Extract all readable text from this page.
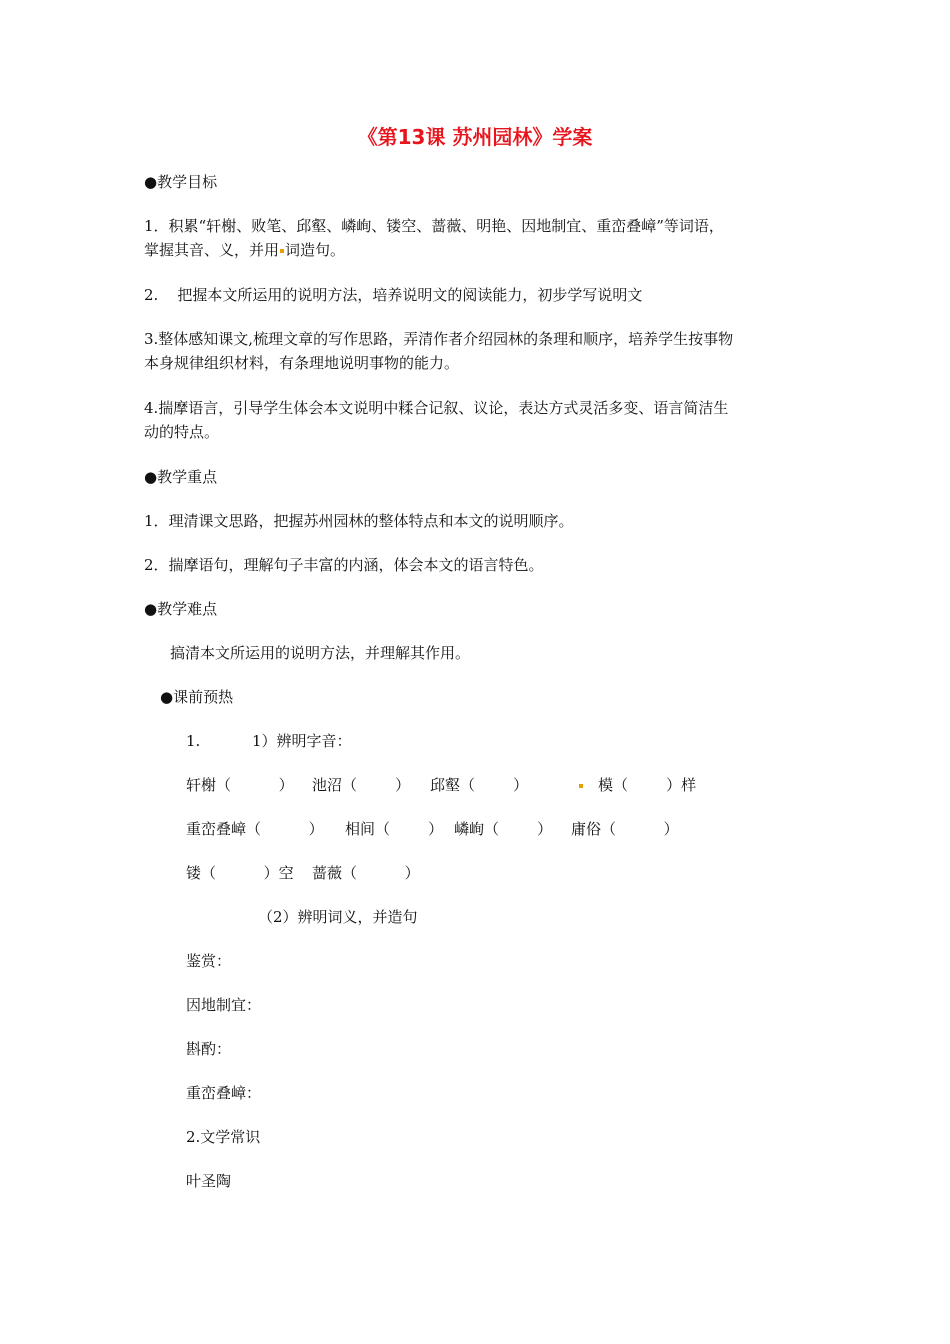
《第13课 苏州园林》学案
●教学目标
1．积累“轩榭、败笔、邱壑、嶙峋、镂空、蔷薇、明艳、因地制宜、重峦叠嶂”等词语，
掌握其音、义，并用 词造句。
2.    把握本文所运用的说明方法，培养说明文的阅读能力，初步学写说明文
3.整体感知课文,梳理文章的写作思路，弄清作者介绍园林的条理和顺序，培养学生按事物
本身规律组织材料，有条理地说明事物的能力。
4.揣摩语言，引导学生体会本文说明中糅合记叙、议论，表达方式灵活多变、语言简洁生
动的特点。
●教学重点
1．理清课文思路，把握苏州园林的整体特点和本文的说明顺序。
2．揣摩语句，理解句子丰富的内涵，体会本文的语言特色。
●教学难点
搞清本文所运用的说明方法，并理解其作用。
●课前预热
1.	1）辨明字音：
轩榭（          ） 池沼（        ） 邱壑（        ）	模（        ）样
重峦叠嶂（          ） 相间（        ） 嶙峋（        ） 庸俗（          ）
镂（          ）空 蔷薇（          ）
（2）辨明词义，并造句
鉴赏：
因地制宜：
斟酌：
重峦叠嶂：
2.文学常识
叶圣陶
